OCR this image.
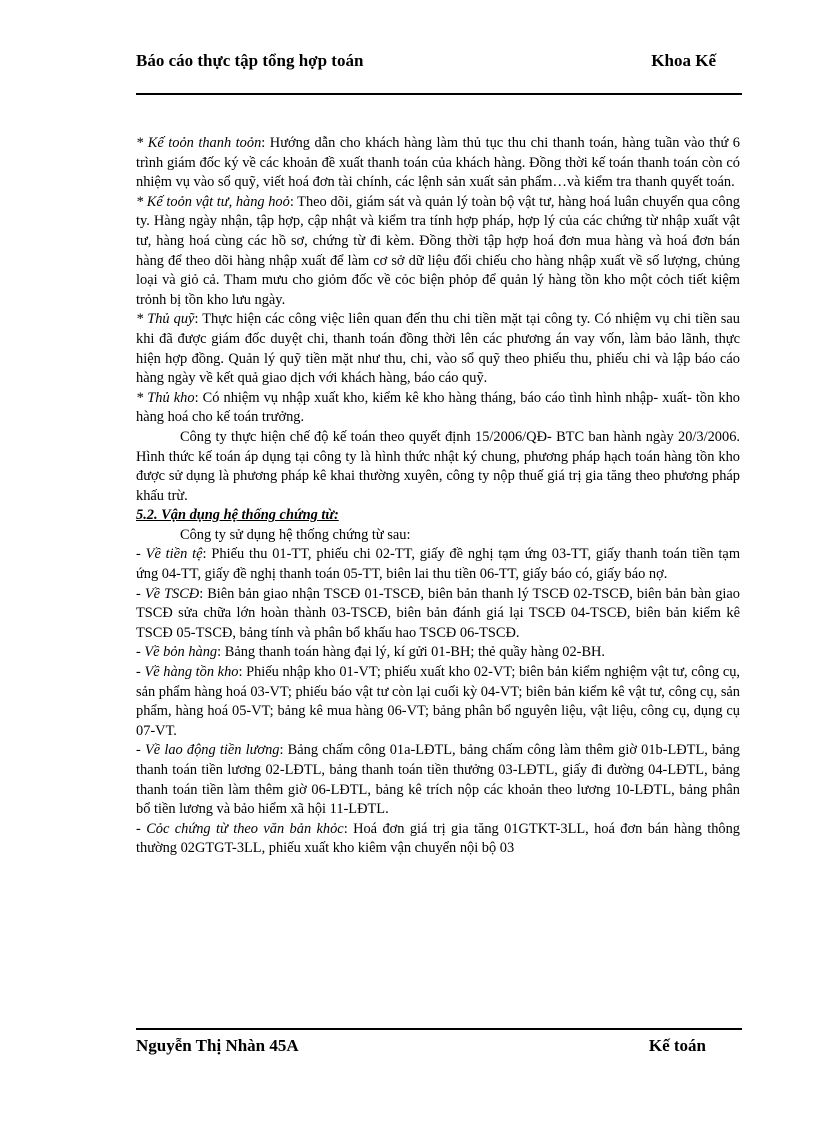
Báo cáo thực tập tổng hợp toán	Khoa Kế

* Kế toỏn thanh toỏn: Hướng dẫn cho khách hàng làm thủ tục thu chi thanh toán, hàng tuần vào thứ 6 trình giám đốc ký về các khoản đề xuất thanh toán của khách hàng. Đồng thời kế toán thanh toán còn có nhiệm vụ vào sổ quỹ, viết hoá đơn tài chính, các lệnh sản xuất sản phẩm…và kiểm tra thanh quyết toán.

* Kế toỏn vật tư, hàng hoỏ: Theo dõi, giám sát và quản lý toàn bộ vật tư, hàng hoá luân chuyển qua công ty. Hàng ngày nhận, tập hợp, cập nhật và kiểm tra tính hợp pháp, hợp lý của các chứng từ nhập xuất vật tư, hàng hoá cùng các hồ sơ, chứng từ đi kèm. Đồng thời tập hợp hoá đơn mua hàng và hoá đơn bán hàng để theo dõi hàng nhập xuất để làm cơ sở dữ liệu đối chiếu cho hàng nhập xuất về số lượng, chủng loại và giỏ cả. Tham mưu cho giỏm đốc về cỏc biện phỏp để quản lý hàng tồn kho một cỏch tiết kiệm trỏnh bị tồn kho lưu ngày.

* Thủ quỹ: Thực hiện các công việc liên quan đến thu chi tiền mặt tại công ty. Có nhiệm vụ chi tiền sau khi đã được giám đốc duyệt chi, thanh toán đồng thời lên các phương án vay vốn, làm bảo lãnh, thực hiện hợp đồng. Quản lý quỹ tiền mặt như thu, chi, vào sổ quỹ theo phiếu thu, phiếu chi và lập báo cáo hàng ngày về kết quả giao dịch với khách hàng, báo cáo quỹ.

* Thủ kho: Có nhiệm vụ nhập xuất kho, kiểm kê kho hàng tháng, báo cáo tình hình nhập- xuất- tồn kho hàng hoá cho kế toán trưởng.

Công ty thực hiện chế độ kế toán theo quyết định 15/2006/QĐ- BTC ban hành ngày 20/3/2006. Hình thức kế toán áp dụng tại công ty là hình thức nhật ký chung, phương pháp hạch toán hàng tồn kho được sử dụng là phương pháp kê khai thường xuyên, công ty nộp thuế giá trị gia tăng theo phương pháp khấu trừ.

5.2. Vận dụng hệ thống chứng từ:

Công ty sử dụng hệ thống chứng từ sau:

- Về tiền tệ: Phiếu thu 01-TT, phiếu chi 02-TT, giấy đề nghị tạm ứng 03-TT, giấy thanh toán tiền tạm ứng 04-TT, giấy đề nghị thanh toán 05-TT, biên lai thu tiền 06-TT, giấy báo có, giấy báo nợ.

- Về TSCĐ: Biên bản giao nhận TSCĐ 01-TSCĐ, biên bản thanh lý TSCĐ 02-TSCĐ, biên bản bàn giao TSCĐ sửa chữa lớn hoàn thành 03-TSCĐ, biên bản đánh giá lại TSCĐ 04-TSCĐ, biên bản kiểm kê TSCĐ 05-TSCĐ, bảng tính và phân bổ khấu hao TSCĐ 06-TSCĐ.

- Về bỏn hàng: Bảng thanh toán hàng đại lý, kí gửi 01-BH; thẻ quầy hàng 02-BH.

- Về hàng tồn kho: Phiếu nhập kho 01-VT; phiếu xuất kho 02-VT; biên bản kiểm nghiệm vật tư, công cụ, sản phẩm hàng hoá 03-VT; phiếu báo vật tư còn lại cuối kỳ 04-VT; biên bản kiểm kê vật tư, công cụ, sản phẩm, hàng hoá 05-VT; bảng kê mua hàng 06-VT; bảng phân bổ nguyên liệu, vật liệu, công cụ, dụng cụ 07-VT.

- Về lao động tiền lương: Bảng chấm công 01a-LĐTL, bảng chấm công làm thêm giờ 01b-LĐTL, bảng thanh toán tiền lương 02-LĐTL, bảng thanh toán tiền thưởng 03-LĐTL, giấy đi đường 04-LĐTL, bảng thanh toán tiền làm thêm giờ 06-LĐTL, bảng kê trích nộp các khoản theo lương 10-LĐTL, bảng phân bổ tiền lương và bảo hiểm xã hội 11-LĐTL.

- Cỏc chứng từ theo văn bản khỏc: Hoá đơn giá trị gia tăng 01GTKT-3LL, hoá đơn bán hàng thông thường 02GTGT-3LL, phiếu xuất kho kiêm vận chuyển nội bộ 03

Nguyễn Thị Nhàn 45A	Kế toán
